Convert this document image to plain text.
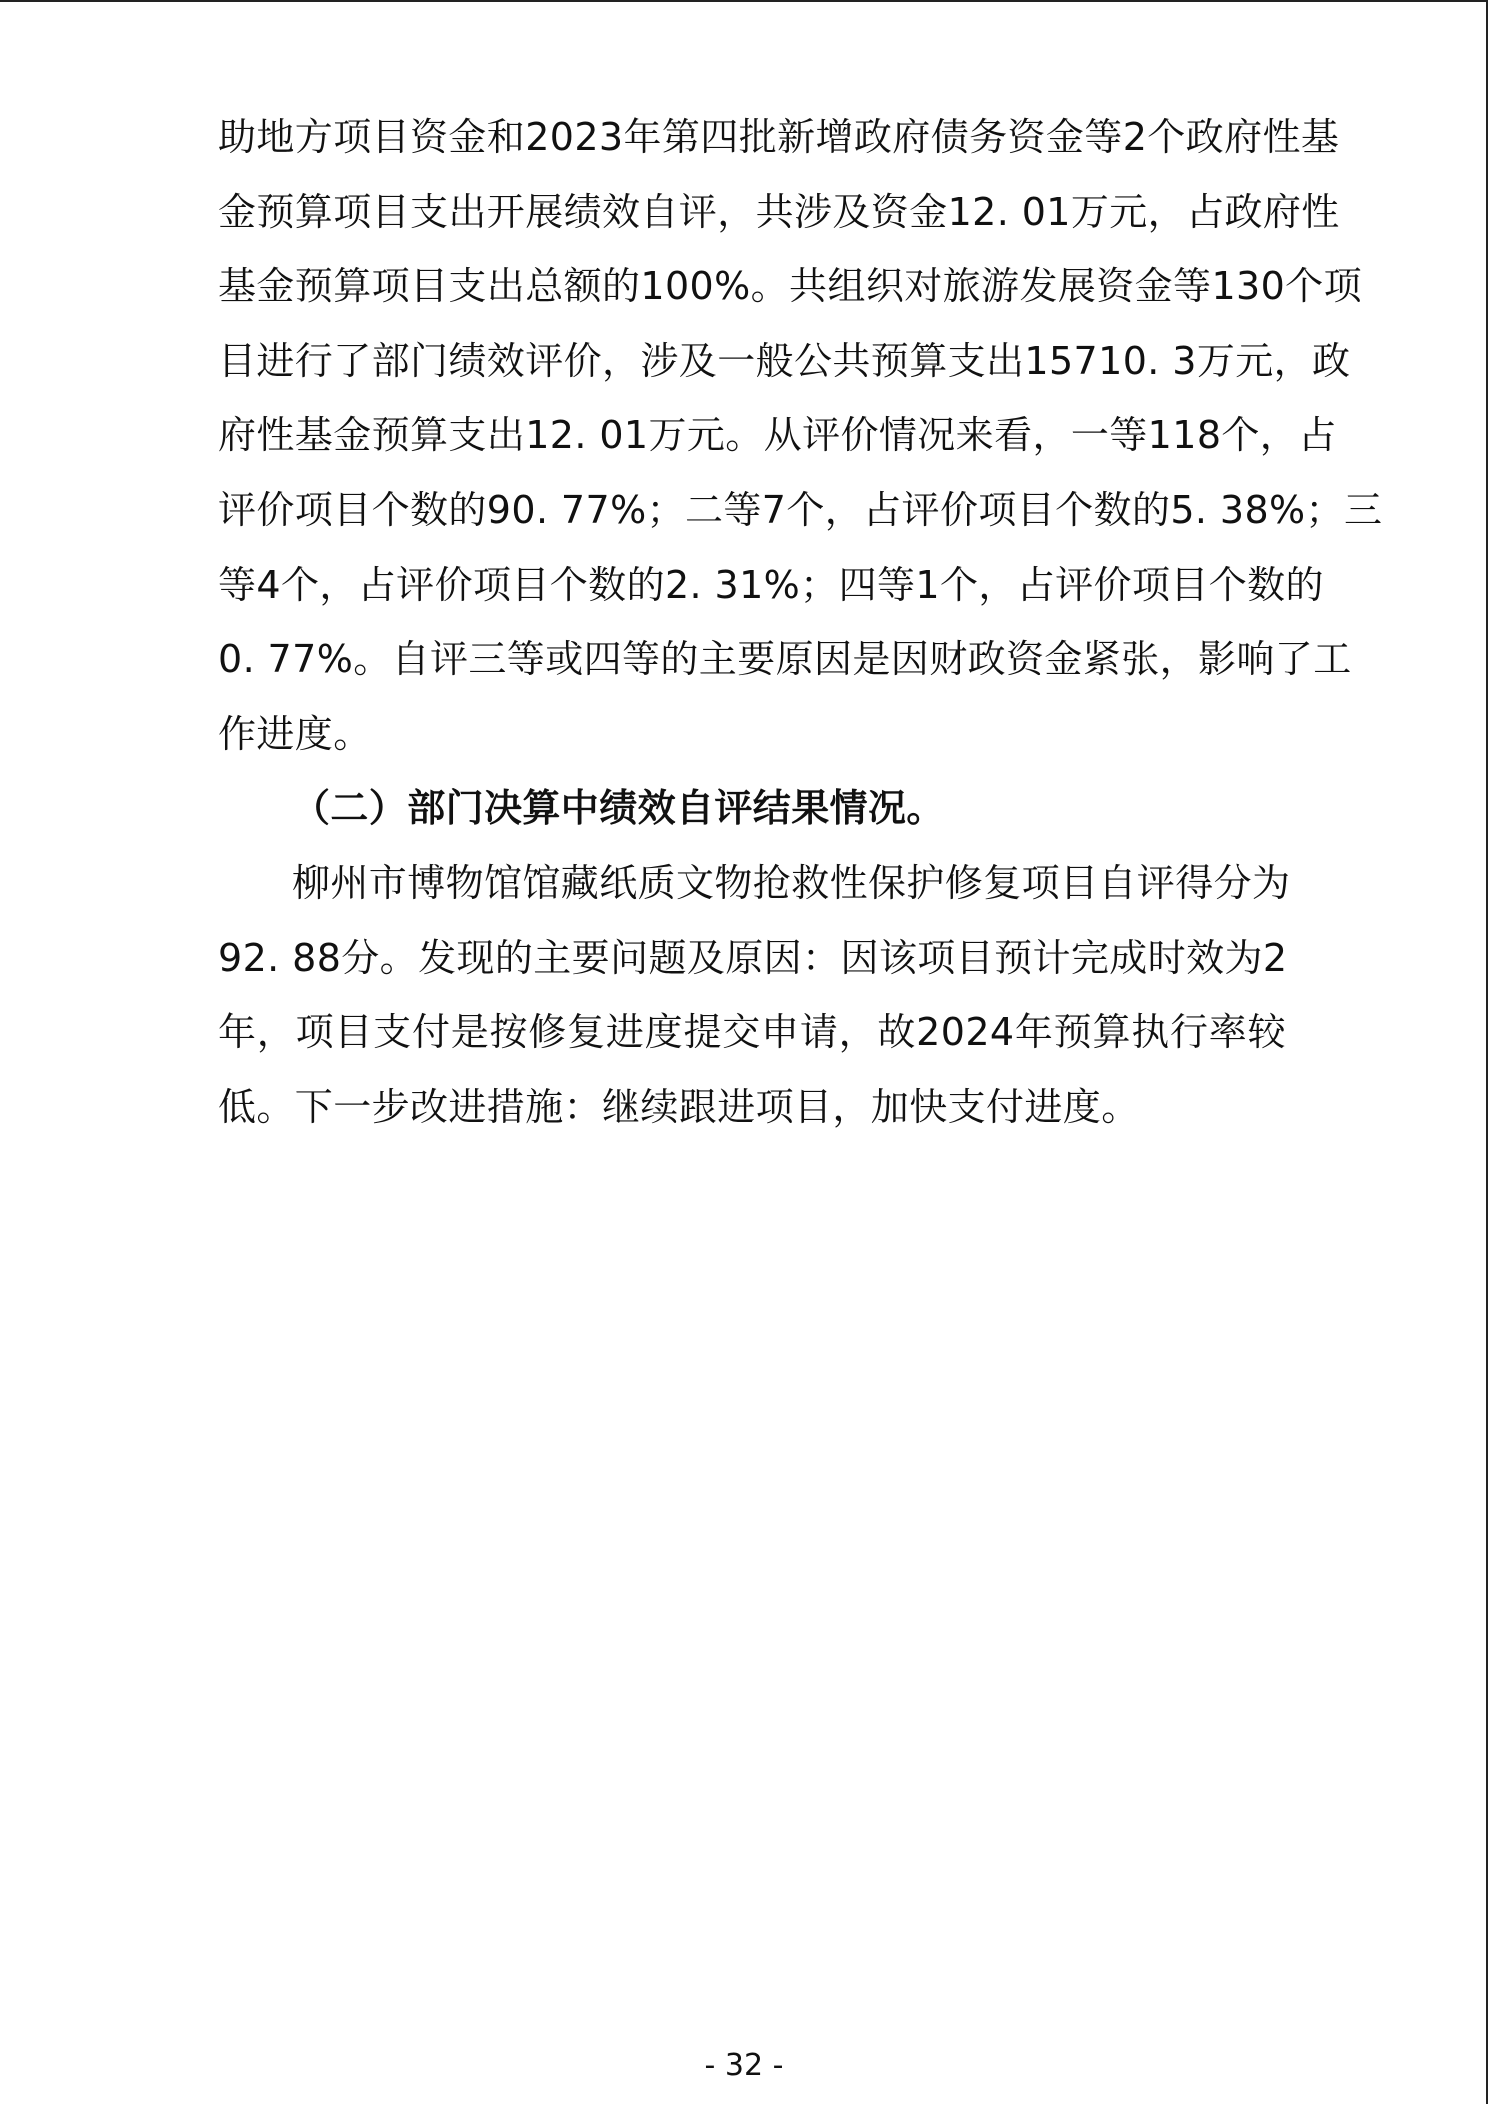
助地方项目资金和2023年第四批新增政府债务资金等2个政府性基
金预算项目支出开展绩效自评，共涉及资金12. 01万元，占政府性
基金预算项目支出总额的100%。共组织对旅游发展资金等130个项
目进行了部门绩效评价，涉及一般公共预算支出15710. 3万元，政
府性基金预算支出12. 01万元。从评价情况来看，一等118个，占
评价项目个数的90. 77%；二等7个，占评价项目个数的5. 38%；三
等4个，占评价项目个数的2. 31%；四等1个，占评价项目个数的
0. 77%。自评三等或四等的主要原因是因财政资金紧张，影响了工
作进度。
（二）部门决算中绩效自评结果情况。
柳州市博物馆馆藏纸质文物抢救性保护修复项目自评得分为
92. 88分。发现的主要问题及原因：因该项目预计完成时效为2
年，项目支付是按修复进度提交申请，故2024年预算执行率较
低。下一步改进措施：继续跟进项目，加快支付进度。
- 32 -
